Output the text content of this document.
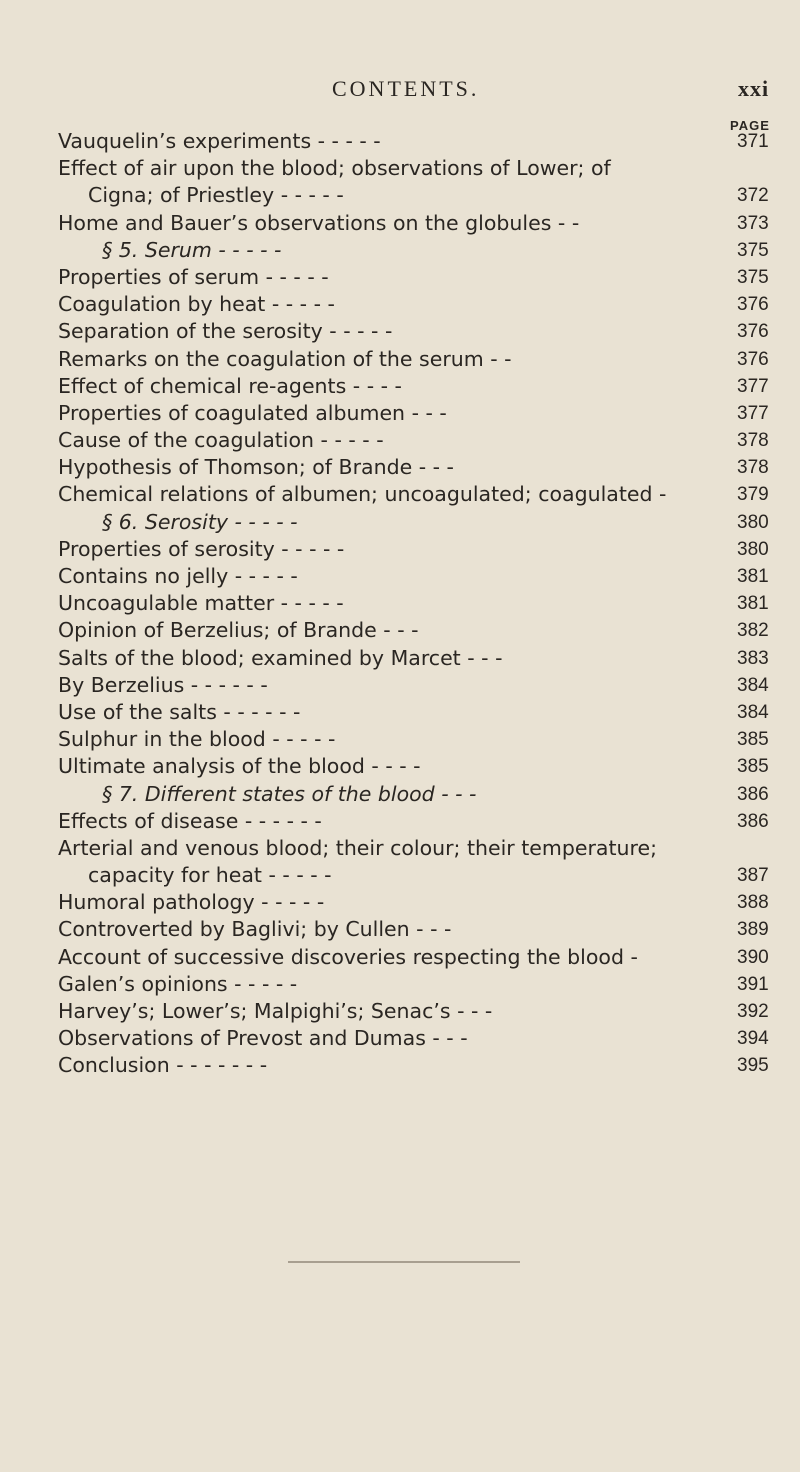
CONTENTS.	xxi
PAGE
Vauquelin’s experiments - - - - -	371
Effect of air upon the blood; observations of Lower; of
Cigna; of Priestley - - - - -	372
Home and Bauer’s observations on the globules - -	373
§ 5. Serum - - - - -	375
Properties of serum - - - - -	375
Coagulation by heat - - - - -	376
Separation of the serosity - - - - -	376
Remarks on the coagulation of the serum - -	376
Effect of chemical re-agents - - - -	377
Properties of coagulated albumen - - -	377
Cause of the coagulation - - - - -	378
Hypothesis of Thomson; of Brande - - -	378
Chemical relations of albumen; uncoagulated; coagulated -	379
§ 6. Serosity - - - - -	380
Properties of serosity - - - - -	380
Contains no jelly - - - - -	381
Uncoagulable matter - - - - -	381
Opinion of Berzelius; of Brande - - -	382
Salts of the blood; examined by Marcet - - -	383
By Berzelius - - - - - -	384
Use of the salts - - - - - -	384
Sulphur in the blood - - - - -	385
Ultimate analysis of the blood - - - -	385
§ 7. Different states of the blood - - -	386
Effects of disease - - - - - -	386
Arterial and venous blood; their colour; their temperature;
capacity for heat - - - - -	387
Humoral pathology - - - - -	388
Controverted by Baglivi; by Cullen - - -	389
Account of successive discoveries respecting the blood -	390
Galen’s opinions - - - - -	391
Harvey’s; Lower’s; Malpighi’s; Senac’s - - -	392
Observations of Prevost and Dumas - - -	394
Conclusion - - - - - - -	395
